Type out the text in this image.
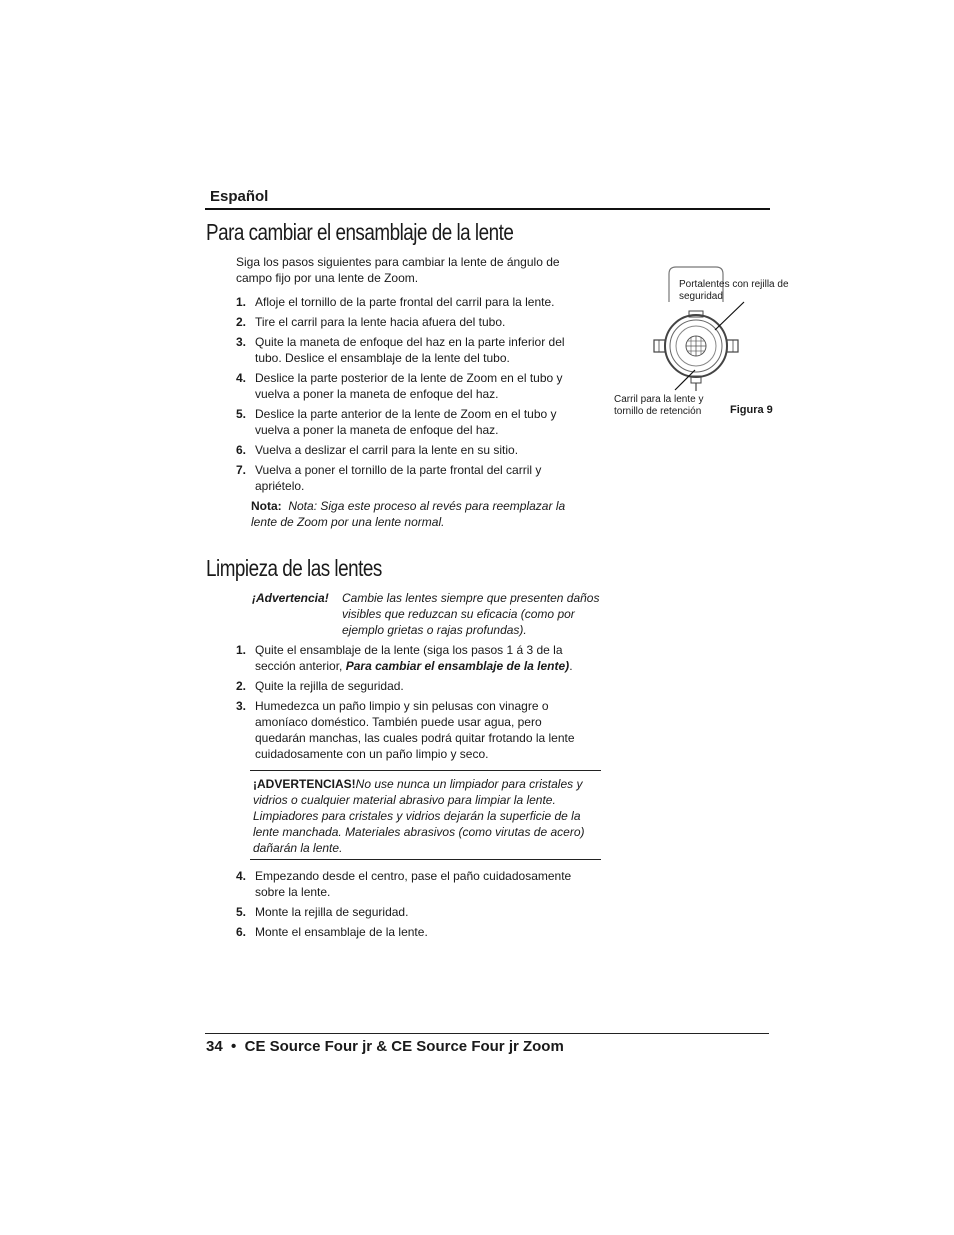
Español
Para cambiar el ensamblaje de la lente
Siga los pasos siguientes para cambiar la lente de ángulo de campo fijo por una lente de Zoom.
1. Afloje el tornillo de la parte frontal del carril para la lente.
2. Tire el carril para la lente hacia afuera del tubo.
3. Quite la maneta de enfoque del haz en la parte inferior del tubo. Deslice el ensamblaje de la lente del tubo.
4. Deslice la parte posterior de la lente de Zoom en el tubo y vuelva a poner la maneta de enfoque del haz.
5. Deslice la parte anterior de la lente de Zoom en el tubo y vuelva a poner la maneta de enfoque del haz.
6. Vuelva a deslizar el carril para la lente en su sitio.
7. Vuelva a poner el tornillo de la parte frontal del carril y apriételo.
Nota: Nota: Siga este proceso al revés para reemplazar la lente de Zoom por una lente normal.
Portalentes con rejilla de seguridad
Carril para la lente y tornillo de retención	Figura 9
Limpieza de las lentes
¡Advertencia!	Cambie las lentes siempre que presenten daños visibles que reduzcan su eficacia (como por ejemplo grietas o rajas profundas).
1. Quite el ensamblaje de la lente (siga los pasos 1 á 3 de la sección anterior, Para cambiar el ensamblaje de la lente).
2. Quite la rejilla de seguridad.
3. Humedezca un paño limpio y sin pelusas con vinagre o amoníaco doméstico. También puede usar agua, pero quedarán manchas, las cuales podrá quitar frotando la lente cuidadosamente con un paño limpio y seco.
¡ADVERTENCIAS!No use nunca un limpiador para cristales y vidrios o cualquier material abrasivo para limpiar la lente. Limpiadores para cristales y vidrios dejarán la superficie de la lente manchada. Materiales abrasivos (como virutas de acero) dañarán la lente.
4. Empezando desde el centro, pase el paño cuidadosamente sobre la lente.
5. Monte la rejilla de seguridad.
6. Monte el ensamblaje de la lente.
34  •  CE Source Four jr & CE Source Four jr Zoom
